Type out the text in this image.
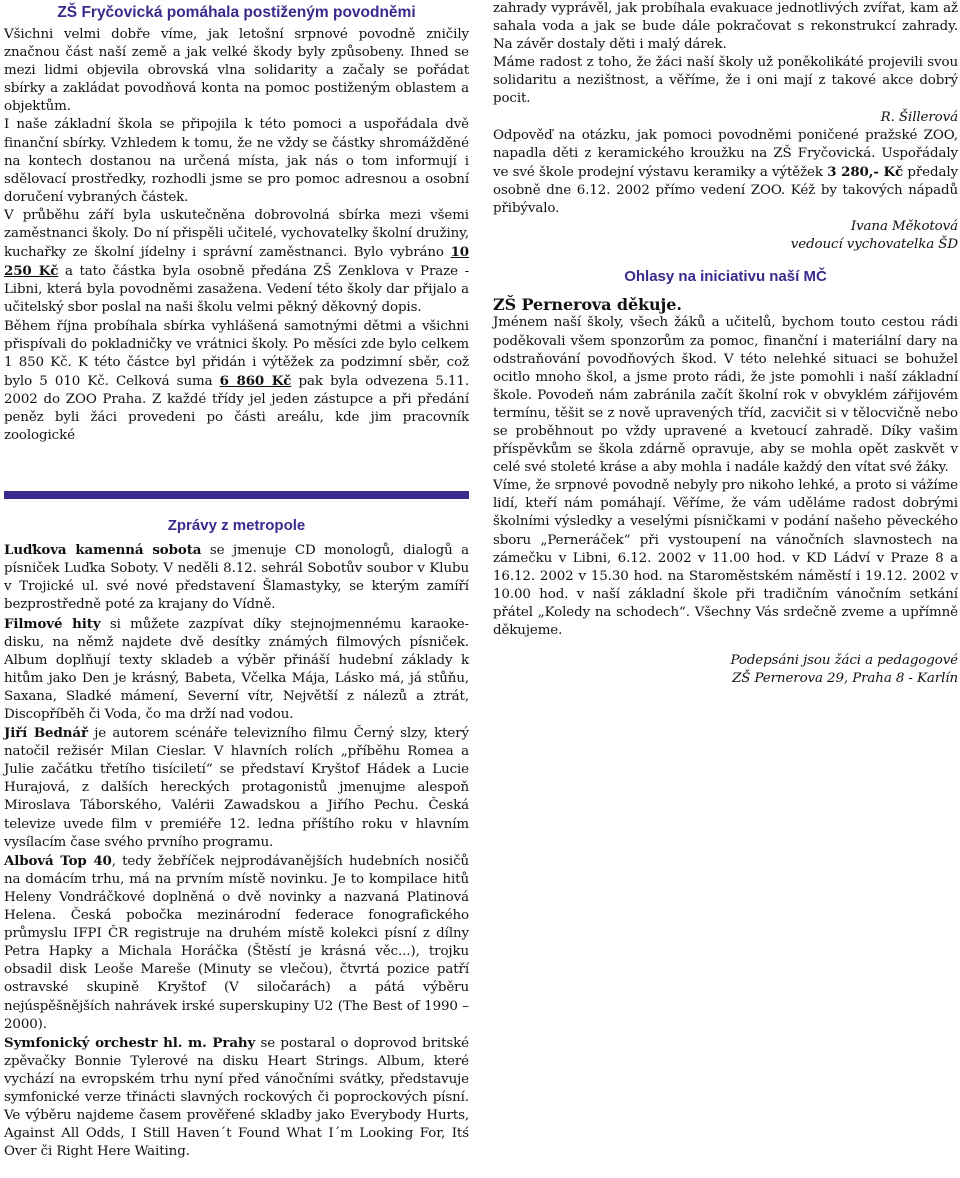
ZŠ Fryčovická pomáhala postiženým povodněmi

Všichni velmi dobře víme, jak letošní srpnové povodně zničily značnou část naší země a jak velké škody byly způsobeny. Ihned se mezi lidmi objevila obrovská vlna solidarity a začaly se pořádat sbírky a zakládat povodňová konta na pomoc postiženým oblastem a objektům.

I naše základní škola se připojila k této pomoci a uspořádala dvě finanční sbírky. Vzhledem k tomu, že ne vždy se částky shromážděné na kontech dostanou na určená místa, jak nás o tom informují i sdělovací prostředky, rozhodli jsme se pro pomoc adresnou a osobní doručení vybraných částek.

V průběhu září byla uskutečněna dobrovolná sbírka mezi všemi zaměstnanci školy. Do ní přispěli učitelé, vychovatelky školní družiny, kuchařky ze školní jídelny i správní zaměstnanci. Bylo vybráno 10 250 Kč a tato částka byla osobně předána ZŠ Zenklova v Praze - Libni, která byla povodněmi zasažena. Vedení této školy dar přijalo a učitelský sbor poslal na naši školu velmi pěkný děkovný dopis.

Během října probíhala sbírka vyhlášená samotnými dětmi a všichni přispívali do pokladničky ve vrátnici školy. Po měsíci zde bylo celkem 1 850 Kč. K této částce byl přidán i výtěžek za podzimní sběr, což bylo 5 010 Kč. Celková suma 6 860 Kč pak byla odvezena 5.11. 2002 do ZOO Praha. Z každé třídy jel jeden zástupce a při předání peněz byli žáci provedeni po části areálu, kde jim pracovník zoologické

Zprávy z metropole

Luďkova kamenná sobota se jmenuje CD monologů, dialogů a písniček Luďka Soboty. V neděli 8.12. sehrál Sobotův soubor v Klubu v Trojické ul. své nové představení Šlamastyky, se kterým zamíří bezprostředně poté za krajany do Vídně.

Filmové hity si můžete zazpívat díky stejnojmennému karaoke-disku, na němž najdete dvě desítky známých filmových písniček. Album doplňují texty skladeb a výběr přináší hudební základy k hitům jako Den je krásný, Babeta, Včelka Mája, Lásko má, já stůňu, Saxana, Sladké mámení, Severní vítr, Největší z nálezů a ztrát, Discopříběh či Voda, čo ma drží nad vodou.

Jiří Bednář je autorem scénáře televizního filmu Černý slzy, který natočil režisér Milan Cieslar. V hlavních rolích „příběhu Romea a Julie začátku třetího tisíciletí“ se představí Kryštof Hádek a Lucie Hurajová, z dalších hereckých protagonistů jmenujme alespoň Miroslava Táborského, Valérii Zawadskou a Jiřího Pechu. Česká televize uvede film v premiéře 12. ledna příštího roku v hlavním vysílacím čase svého prvního programu.

Albová Top 40, tedy žebříček nejprodávanějších hudebních nosičů na domácím trhu, má na prvním místě novinku. Je to kompilace hitů Heleny Vondráčkové doplněná o dvě novinky a nazvaná Platinová Helena. Česká pobočka mezinárodní federace fonografického průmyslu IFPI ČR registruje na druhém místě kolekci písní z dílny Petra Hapky a Michala Horáčka (Štěstí je krásná věc...), trojku obsadil disk Leoše Mareše (Minuty se vlečou), čtvrtá pozice patří ostravské skupině Kryštof (V siločarách) a pátá výběru nejúspěšnějších nahrávek irské superskupiny U2 (The Best of 1990 – 2000).

Symfonický orchestr hl. m. Prahy se postaral o doprovod britské zpěvačky Bonnie Tylerové na disku Heart Strings. Album, které vychází na evropském trhu nyní před vánočními svátky, představuje symfonické verze třinácti slavných rockových či poprockových písní. Ve výběru najdeme časem prověřené skladby jako Everybody Hurts, Against All Odds, I Still Haven´t Found What I´m Looking For, Itś Over či Right Here Waiting.

zahrady vyprávěl, jak probíhala evakuace jednotlivých zvířat, kam až sahala voda a jak se bude dále pokračovat s rekonstrukcí zahrady. Na závěr dostaly děti i malý dárek.

Máme radost z toho, že žáci naší školy už poněkolikáté projevili svou solidaritu a nezištnost, a věříme, že i oni mají z takové akce dobrý pocit.

R. Šillerová

Odpověď na otázku, jak pomoci povodněmi poničené pražské ZOO, napadla děti z keramického kroužku na ZŠ Fryčovická. Uspořádaly ve své škole prodejní výstavu keramiky a výtěžek 3 280,- Kč předaly osobně dne 6.12. 2002 přímo vedení ZOO. Kéž by takových nápadů přibývalo.

Ivana Měkotová

vedoucí vychovatelka ŠD

Ohlasy na iniciativu naší MČ

ZŠ Pernerova děkuje.

Jménem naší školy, všech žáků a učitelů, bychom touto cestou rádi poděkovali všem sponzorům za pomoc, finanční i materiální dary na odstraňování povodňových škod. V této nelehké situaci se bohužel ocitlo mnoho škol, a jsme proto rádi, že jste pomohli i naší základní škole. Povodeň nám zabránila začít školní rok v obvyklém zářijovém termínu, těšit se z nově upravených tříd, zacvičit si v tělocvičně nebo se proběhnout po vždy upravené a kvetoucí zahradě. Díky vašim příspěvkům se škola zdárně opravuje, aby se mohla opět zaskvět v celé své stoleté kráse a aby mohla i nadále každý den vítat své žáky.

Víme, že srpnové povodně nebyly pro nikoho lehké, a proto si vážíme lidí, kteří nám pomáhají. Věříme, že vám uděláme radost dobrými školními výsledky a veselými písničkami v podání našeho pěveckého sboru „Perneráček“ při vystoupení na vánočních slavnostech na zámečku v Libni, 6.12. 2002 v 11.00 hod. v KD Ládví v Praze 8 a 16.12. 2002 v 15.30 hod. na Staroměstském náměstí i 19.12. 2002 v 10.00 hod. v naší základní škole při tradičním vánočním setkání přátel „Koledy na schodech“. Všechny Vás srdečně zveme a upřímně děkujeme.

Podepsáni jsou žáci a pedagogové

ZŠ Pernerova 29, Praha 8 - Karlín
